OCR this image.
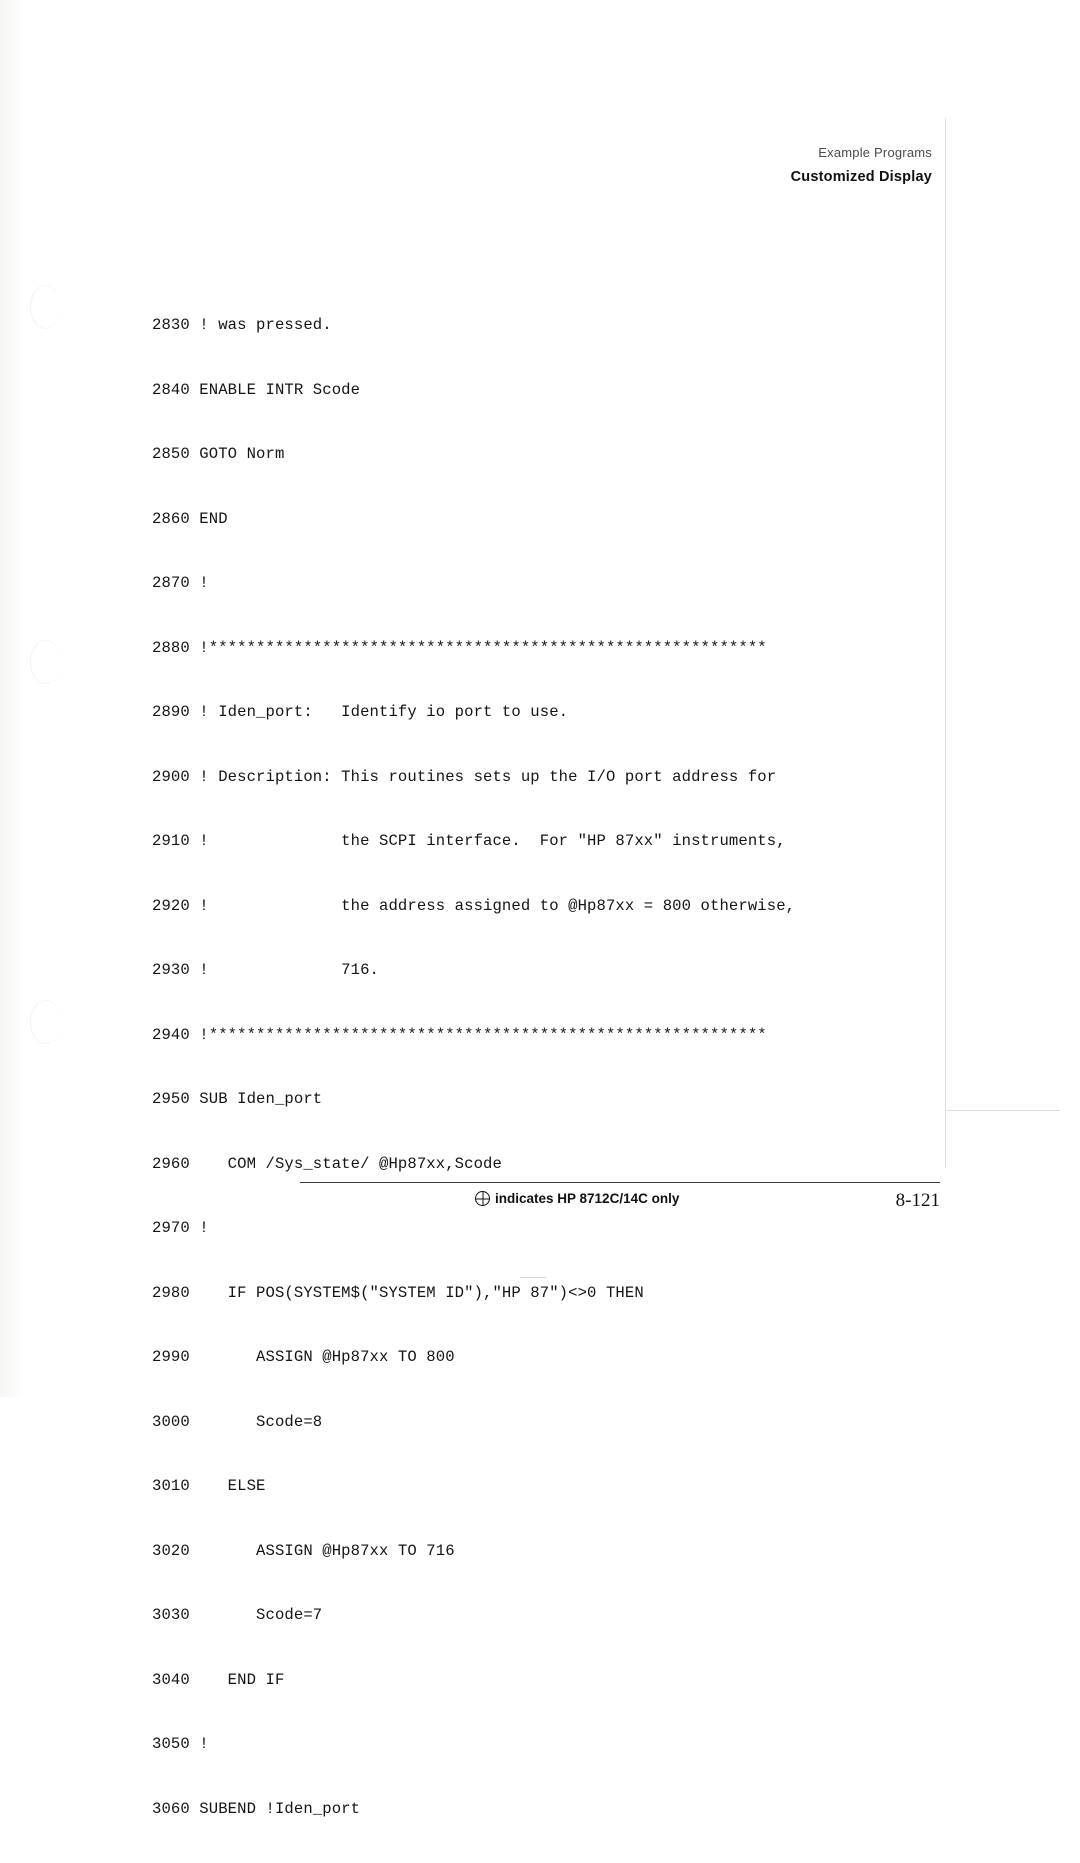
Example Programs
Customized Display

2830 ! was pressed.

2840 ENABLE INTR Scode

2850 GOTO Norm

2860 END

2870 !

2880 !***********************************************************

2890 ! Iden_port:   Identify io port to use.

2900 ! Description: This routines sets up the I/O port address for

2910 !              the SCPI interface.  For "HP 87xx" instruments,

2920 !              the address assigned to @Hp87xx = 800 otherwise,

2930 !              716.

2940 !***********************************************************

2950 SUB Iden_port

2960    COM /Sys_state/ @Hp87xx,Scode

2970 !

2980    IF POS(SYSTEM$("SYSTEM ID"),"HP 87")<>0 THEN

2990       ASSIGN @Hp87xx TO 800

3000       Scode=8

3010    ELSE

3020       ASSIGN @Hp87xx TO 716

3030       Scode=7

3040    END IF

3050 !

3060 SUBEND !Iden_port

indicates HP 8712C/14C only	8-121
